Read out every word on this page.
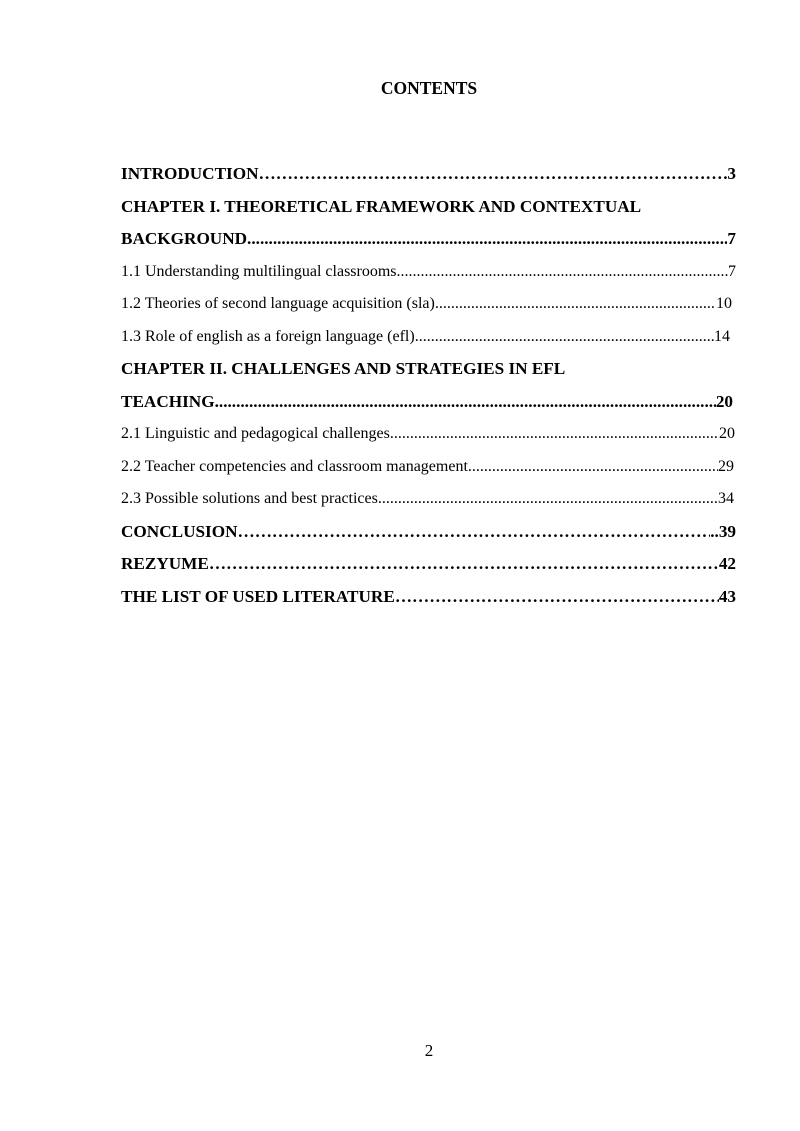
CONTENTS
INTRODUCTION ……………………………………………………………………………………………………………………………………………………………	3
CHAPTER I. THEORETICAL FRAMEWORK AND CONTEXTUAL
BACKGROUND .....	7
1.1 Understanding multilingual classrooms .....	7
1.2 Theories of second language acquisition (sla) .....	10
1.3 Role of english as a foreign language (efl) .....	14
CHAPTER II. CHALLENGES AND STRATEGIES IN EFL
TEACHING .....	20
2.1 Linguistic and pedagogical challenges .....	20
2.2 Teacher competencies and classroom management .....	29
2.3 Possible solutions and best practices .....	34
CONCLUSION ……………………………………………………………………………………………………………………………………………………………	..39
REZYUME ……………………………………………………………………………………………………………………………………………………………	42
THE LIST OF USED LITERATURE ……………………………………………………………………………………………………………………………………………………………	43
2
